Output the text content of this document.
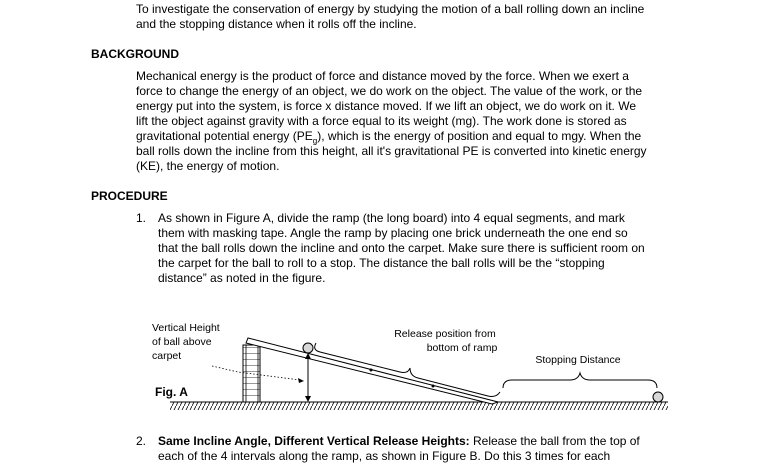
To investigate the conservation of energy by studying the motion of a ball rolling down an incline
and the stopping distance when it rolls off the incline.
BACKGROUND
Mechanical energy is the product of force and distance moved by the force. When we exert a
force to change the energy of an object, we do work on the object. The value of the work, or the
energy put into the system, is force x distance moved. If we lift an object, we do work on it. We
lift the object against gravity with a force equal to its weight (mg). The work done is stored as
gravitational potential energy $(PE_g)$, which is the energy of position and equal to mgy. When the
ball rolls down the incline from this height, all it's gravitational PE is converted into kinetic energy
(KE), the energy of motion.
PROCEDURE
1. As shown in Figure A, divide the ramp (the long board) into 4 equal segments, and mark
them with masking tape. Angle the ramp by placing one brick underneath the one end so
that the ball rolls down the incline and onto the carpet. Make sure there is sufficient room on
the carpet for the ball to roll to a stop. The distance the ball rolls will be the “stopping
distance” as noted in the figure.
Vertical Height
of ball above
carpet
Release position from
bottom of ramp
Stopping Distance
Fig. A
2. Same Incline Angle, Different Vertical Release Heights: Release the ball from the top of
each of the 4 intervals along the ramp, as shown in Figure B. Do this 3 times for each
